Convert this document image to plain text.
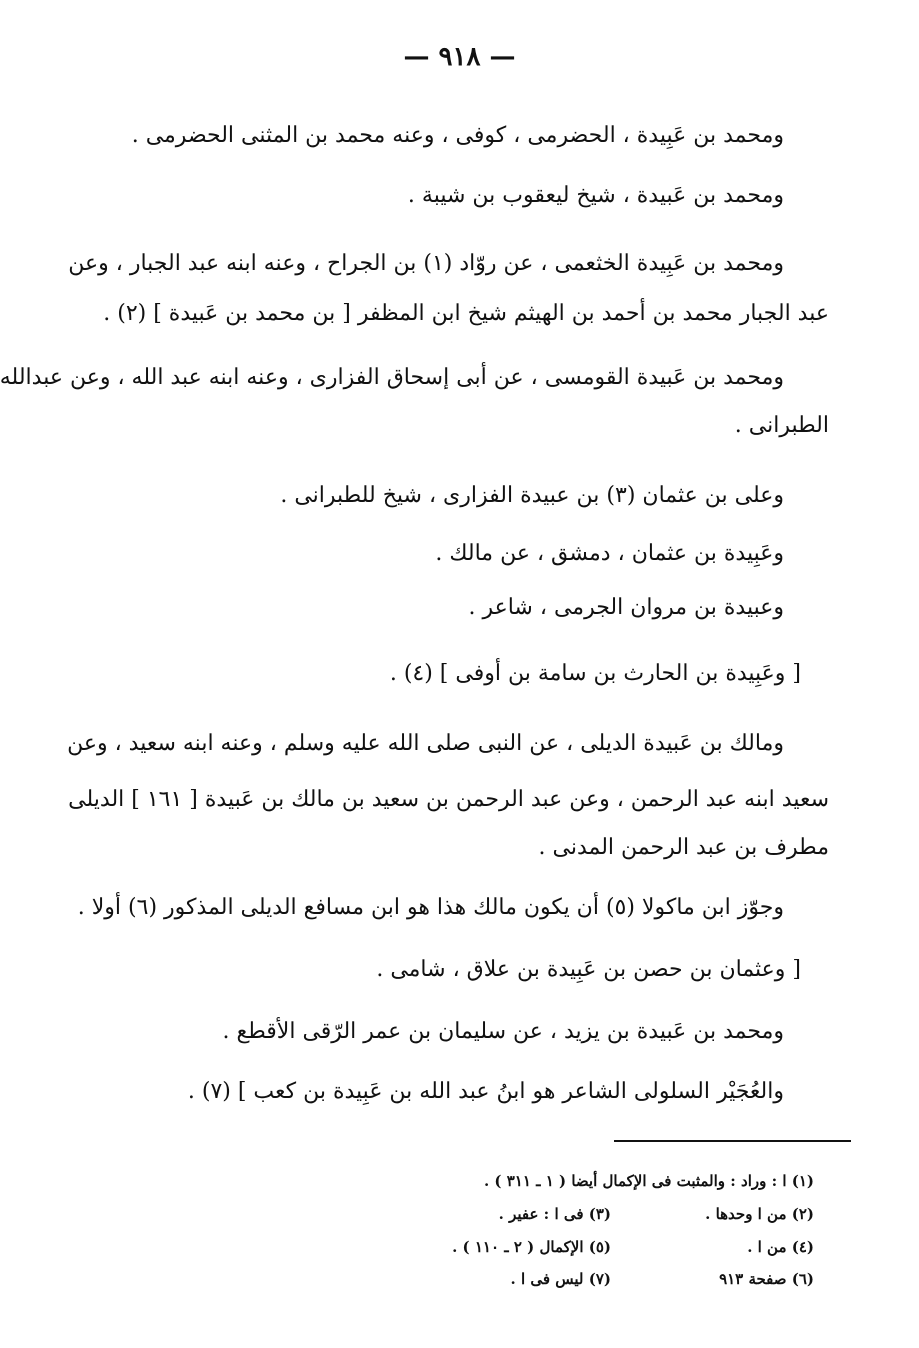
— ٩١٨ —
ومحمد بن عَبِيدة ، الحضرمى ، كوفى ، وعنه محمد بن المثنى الحضرمى .
ومحمد بن عَبيدة ، شيخ ليعقوب بن شيبة .
ومحمد بن عَبِيدة الخثعمى ، عن روّاد (١) بن الجراح ، وعنه ابنه عبد الجبار ، وعن
عبد الجبار محمد بن أحمد بن الهيثم شيخ ابن المظفر [ بن محمد بن عَبيدة ] (٢) .
ومحمد بن عَبيدة القومسى ، عن أبى إسحاق الفزارى ، وعنه ابنه عبد الله ، وعن عبدالله
الطبرانى .
وعلى بن عثمان (٣) بن عبيدة الفزارى ، شيخ للطبرانى .
وعَبِيدة بن عثمان ، دمشق ، عن مالك .
وعبيدة بن مروان الجرمى ، شاعر .
[ وعَبِيدة بن الحارث بن سامة بن أوفى ] (٤) .
ومالك بن عَبيدة الديلى ، عن النبى صلى الله عليه وسلم ، وعنه ابنه سعيد ، وعن
سعيد ابنه عبد الرحمن ، وعن عبد الرحمن بن سعيد بن مالك بن عَبيدة [ ١٦١ ] الديلى
مطرف بن عبد الرحمن المدنى .
وجوّز ابن ماكولا (٥) أن يكون مالك هذا هو ابن مسافع الديلى المذكور (٦) أولا .
[ وعثمان بن حصن بن عَبِيدة بن علاق ، شامى .
ومحمد بن عَبيدة بن يزيد ، عن سليمان بن عمر الرّقى الأقطع .
والعُجَيْر السلولى الشاعر هو ابنُ عبد الله بن عَبِيدة بن كعب ] (٧) .
(١) ا : وراد : والمثبت فى الإكمال أيضا ( ١ ـ ٣١١ ) .
(٢) من ا وحدها .
(٣) فى ا : عفير .
(٤) من ا .
(٥) الإكمال ( ٢ ـ ١١٠ ) .
(٦) صفحة ٩١٣
(٧) ليس فى ا .
